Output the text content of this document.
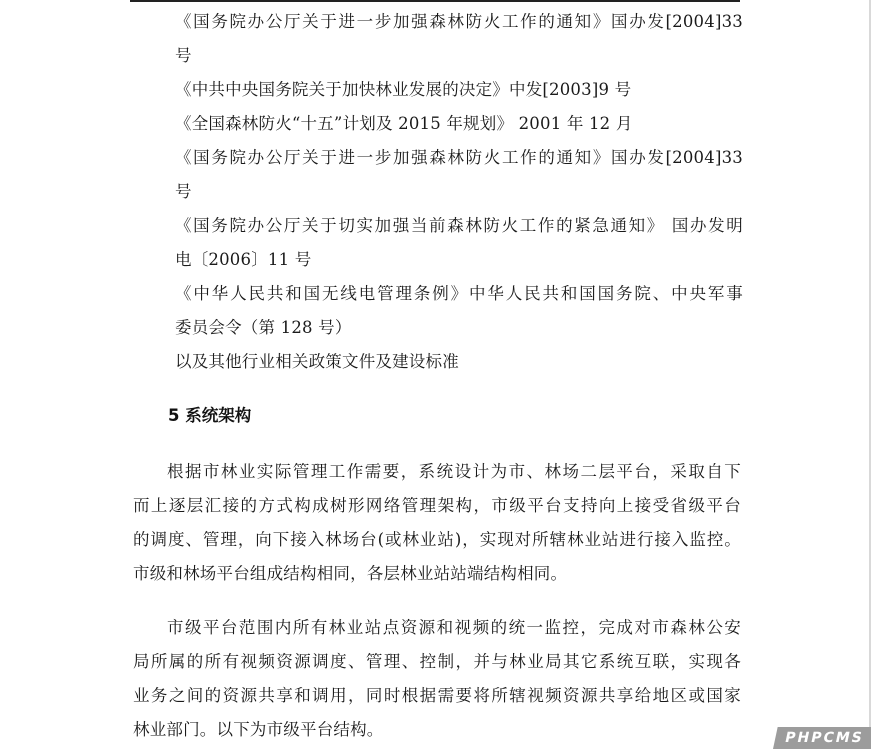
《国务院办公厅关于进一步加强森林防火工作的通知》国办发[2004]33
号
《中共中央国务院关于加快林业发展的决定》中发[2003]9 号
《全国森林防火“十五”计划及 2015 年规划》 2001 年 12 月
《国务院办公厅关于进一步加强森林防火工作的通知》国办发[2004]33
号
《国务院办公厅关于切实加强当前森林防火工作的紧急通知》 国办发明
电〔2006〕11 号
《中华人民共和国无线电管理条例》中华人民共和国国务院、中央军事
委员会令（第 128 号）
以及其他行业相关政策文件及建设标准
5 系统架构
根据市林业实际管理工作需要，系统设计为市、林场二层平台，采取自下
而上逐层汇接的方式构成树形网络管理架构，市级平台支持向上接受省级平台
的调度、管理，向下接入林场台(或林业站)，实现对所辖林业站进行接入监控。
市级和林场平台组成结构相同，各层林业站站端结构相同。
市级平台范围内所有林业站点资源和视频的统一监控，完成对市森林公安
局所属的所有视频资源调度、管理、控制，并与林业局其它系统互联，实现各
业务之间的资源共享和调用，同时根据需要将所辖视频资源共享给地区或国家
林业部门。以下为市级平台结构。	PHPCMS
